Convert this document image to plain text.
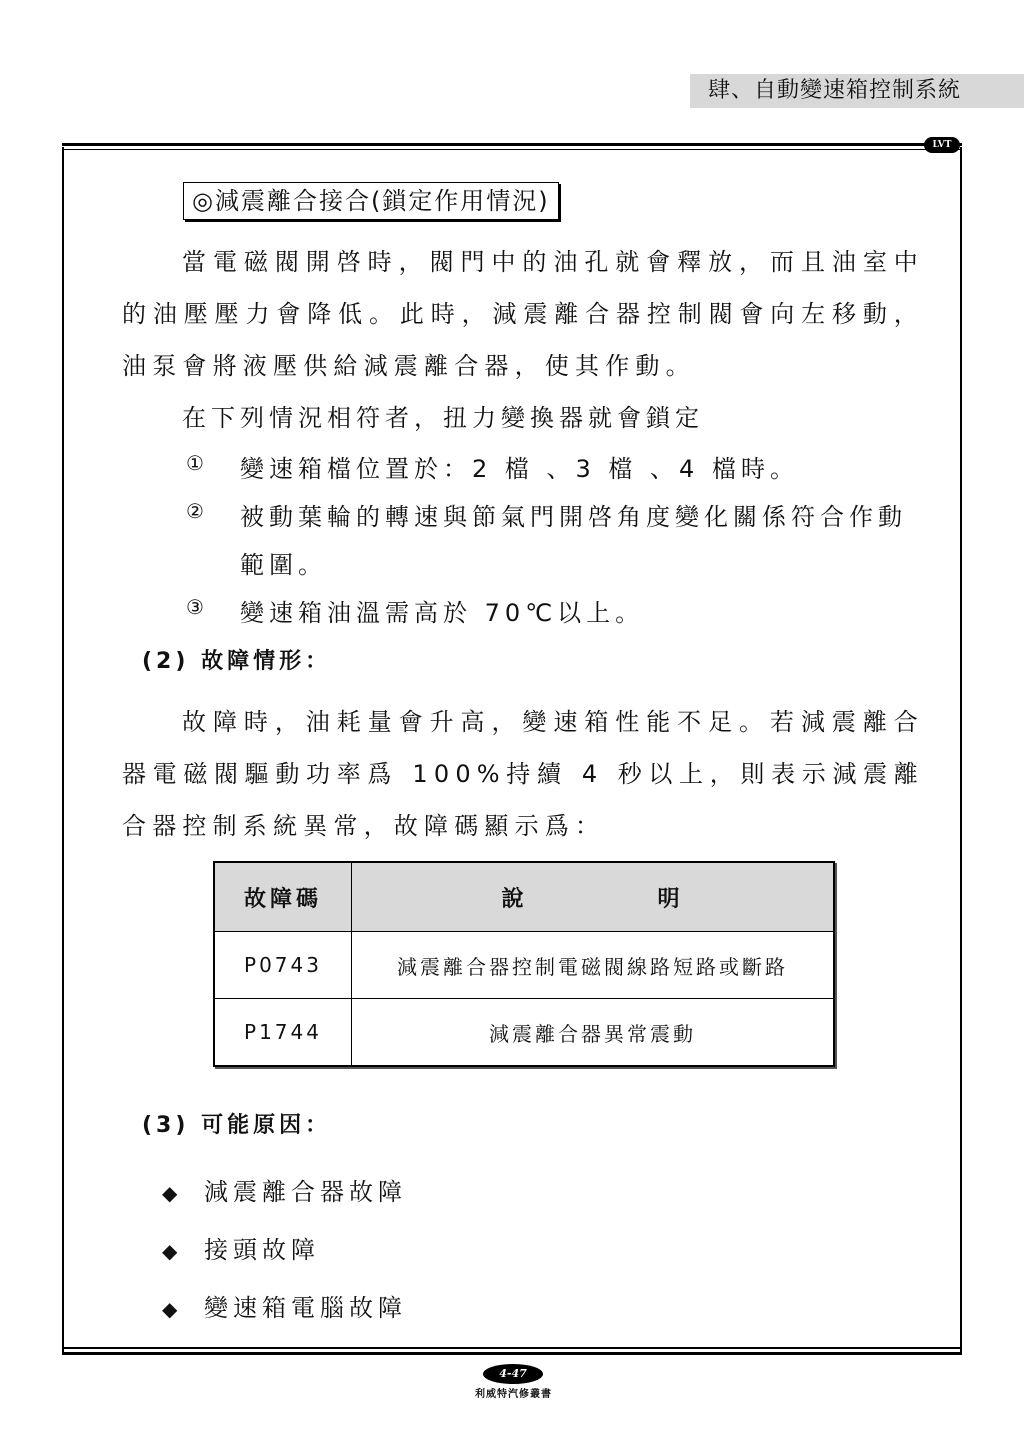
肆、自動變速箱控制系統
LVT
◎減震離合接合(鎖定作用情況)
當電磁閥開啓時，閥門中的油孔就會釋放，而且油室中的油壓壓力會降低。此時，減震離合器控制閥會向左移動，油泵會將液壓供給減震離合器，使其作動。
在下列情況相符者，扭力變換器就會鎖定
① 變速箱檔位置於：2 檔 、3 檔 、4 檔時。
② 被動葉輪的轉速與節氣門開啓角度變化關係符合作動
範圍。
③ 變速箱油溫需高於 70℃以上。
(2) 故障情形：
故障時，油耗量會升高，變速箱性能不足。若減震離合器電磁閥驅動功率爲 100%持續 4 秒以上，則表示減震離合器控制系統異常，故障碼顯示爲：
故障碼	說　　　　　明
P0743	減震離合器控制電磁閥線路短路或斷路
P1744	減震離合器異常震動
(3) 可能原因：
◆ 減震離合器故障
◆ 接頭故障
◆ 變速箱電腦故障
4-47
利威特汽修叢書
